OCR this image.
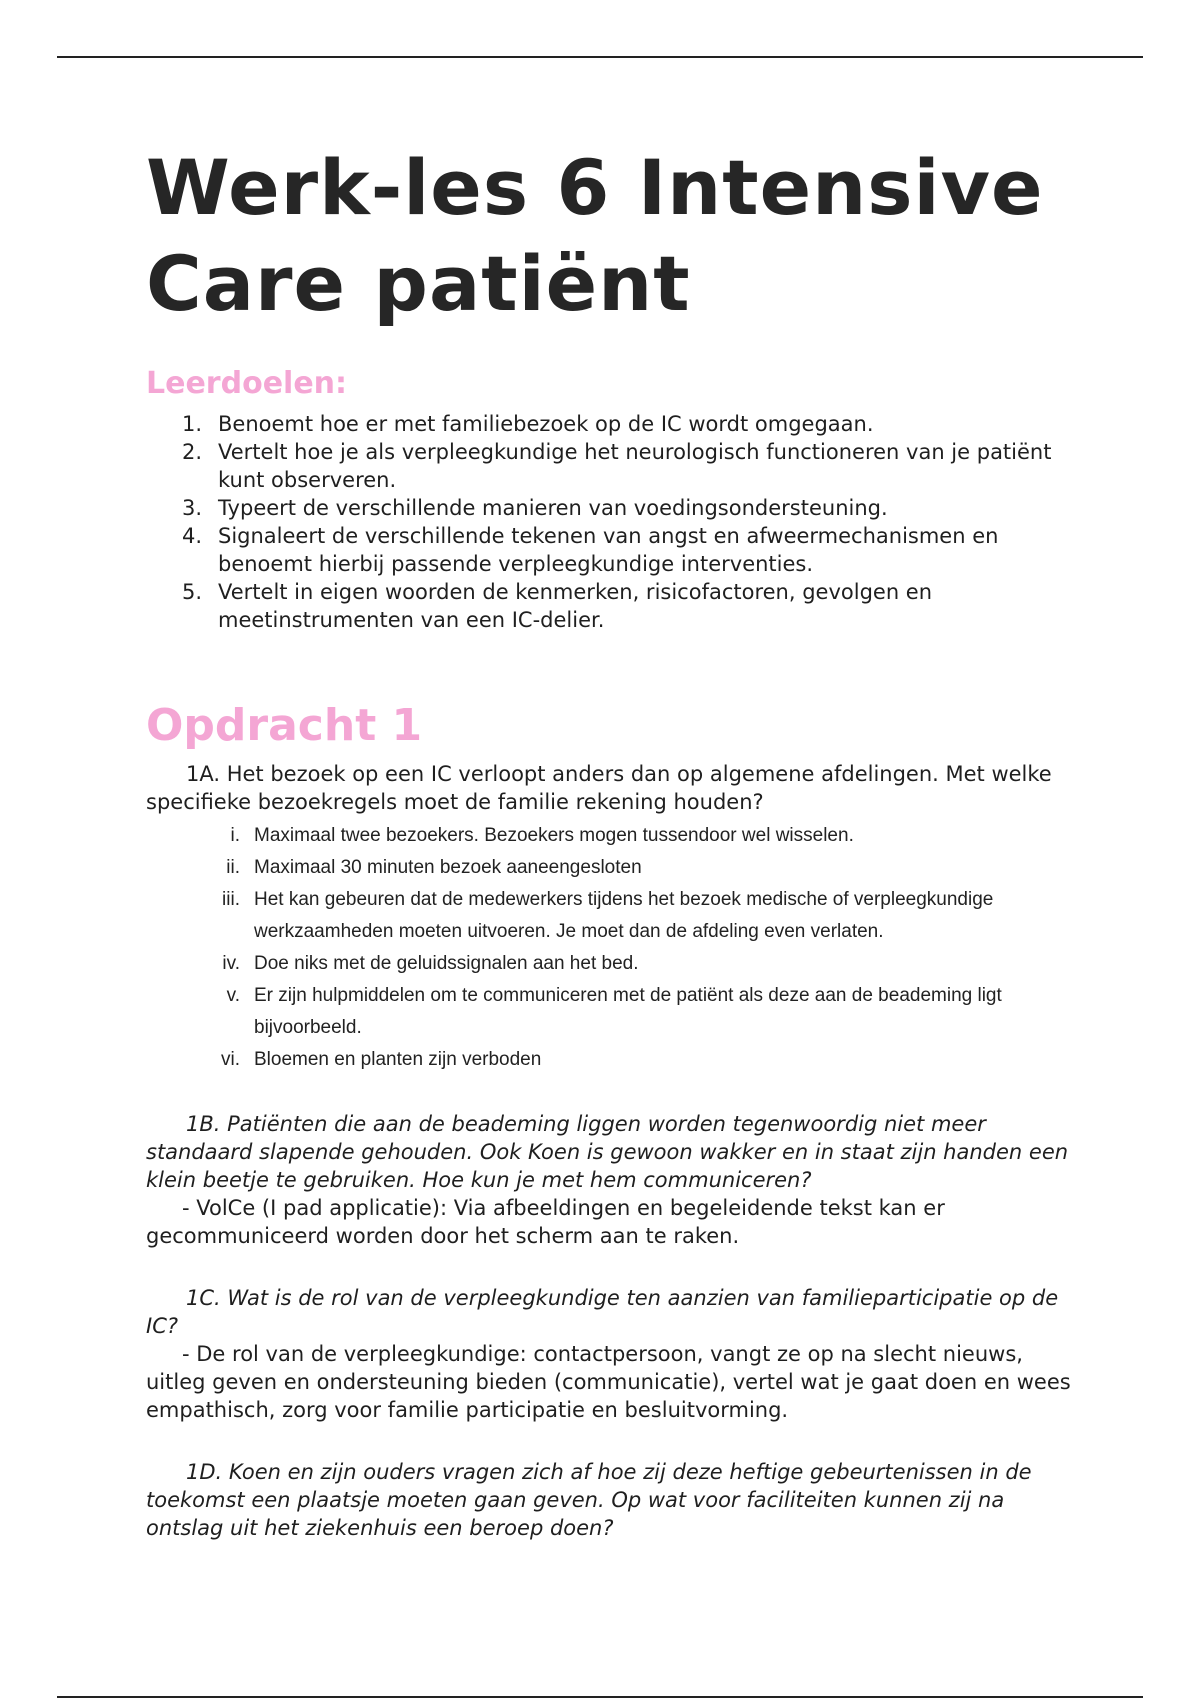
Werk-les 6 Intensive Care patiënt
Leerdoelen:
1. Benoemt hoe er met familiebezoek op de IC wordt omgegaan.
2. Vertelt hoe je als verpleegkundige het neurologisch functioneren van je patiënt kunt observeren.
3. Typeert de verschillende manieren van voedingsondersteuning.
4. Signaleert de verschillende tekenen van angst en afweermechanismen en benoemt hierbij passende verpleegkundige interventies.
5. Vertelt in eigen woorden de kenmerken, risicofactoren, gevolgen en meetinstrumenten van een IC-delier.
Opdracht 1

1A. Het bezoek op een IC verloopt anders dan op algemene afdelingen. Met welke specifieke bezoekregels moet de familie rekening houden?

i. Maximaal twee bezoekers. Bezoekers mogen tussendoor wel wisselen.
ii. Maximaal 30 minuten bezoek aaneengesloten
iii. Het kan gebeuren dat de medewerkers tijdens het bezoek medische of verpleegkundige werkzaamheden moeten uitvoeren. Je moet dan de afdeling even verlaten.
iv. Doe niks met de geluidssignalen aan het bed.
v. Er zijn hulpmiddelen om te communiceren met de patiënt als deze aan de beademing ligt bijvoorbeeld.
vi. Bloemen en planten zijn verboden

1B. Patiënten die aan de beademing liggen worden tegenwoordig niet meer standaard slapende gehouden. Ook Koen is gewoon wakker en in staat zijn handen een klein beetje te gebruiken. Hoe kun je met hem communiceren?

- VolCe (I pad applicatie): Via afbeeldingen en begeleidende tekst kan er gecommuniceerd worden door het scherm aan te raken.

1C. Wat is de rol van de verpleegkundige ten aanzien van familieparticipatie op de IC?

- De rol van de verpleegkundige: contactpersoon, vangt ze op na slecht nieuws, uitleg geven en ondersteuning bieden (communicatie), vertel wat je gaat doen en wees empathisch, zorg voor familie participatie en besluitvorming.

1D. Koen en zijn ouders vragen zich af hoe zij deze heftige gebeurtenissen in de toekomst een plaatsje moeten gaan geven. Op wat voor faciliteiten kunnen zij na ontslag uit het ziekenhuis een beroep doen?
